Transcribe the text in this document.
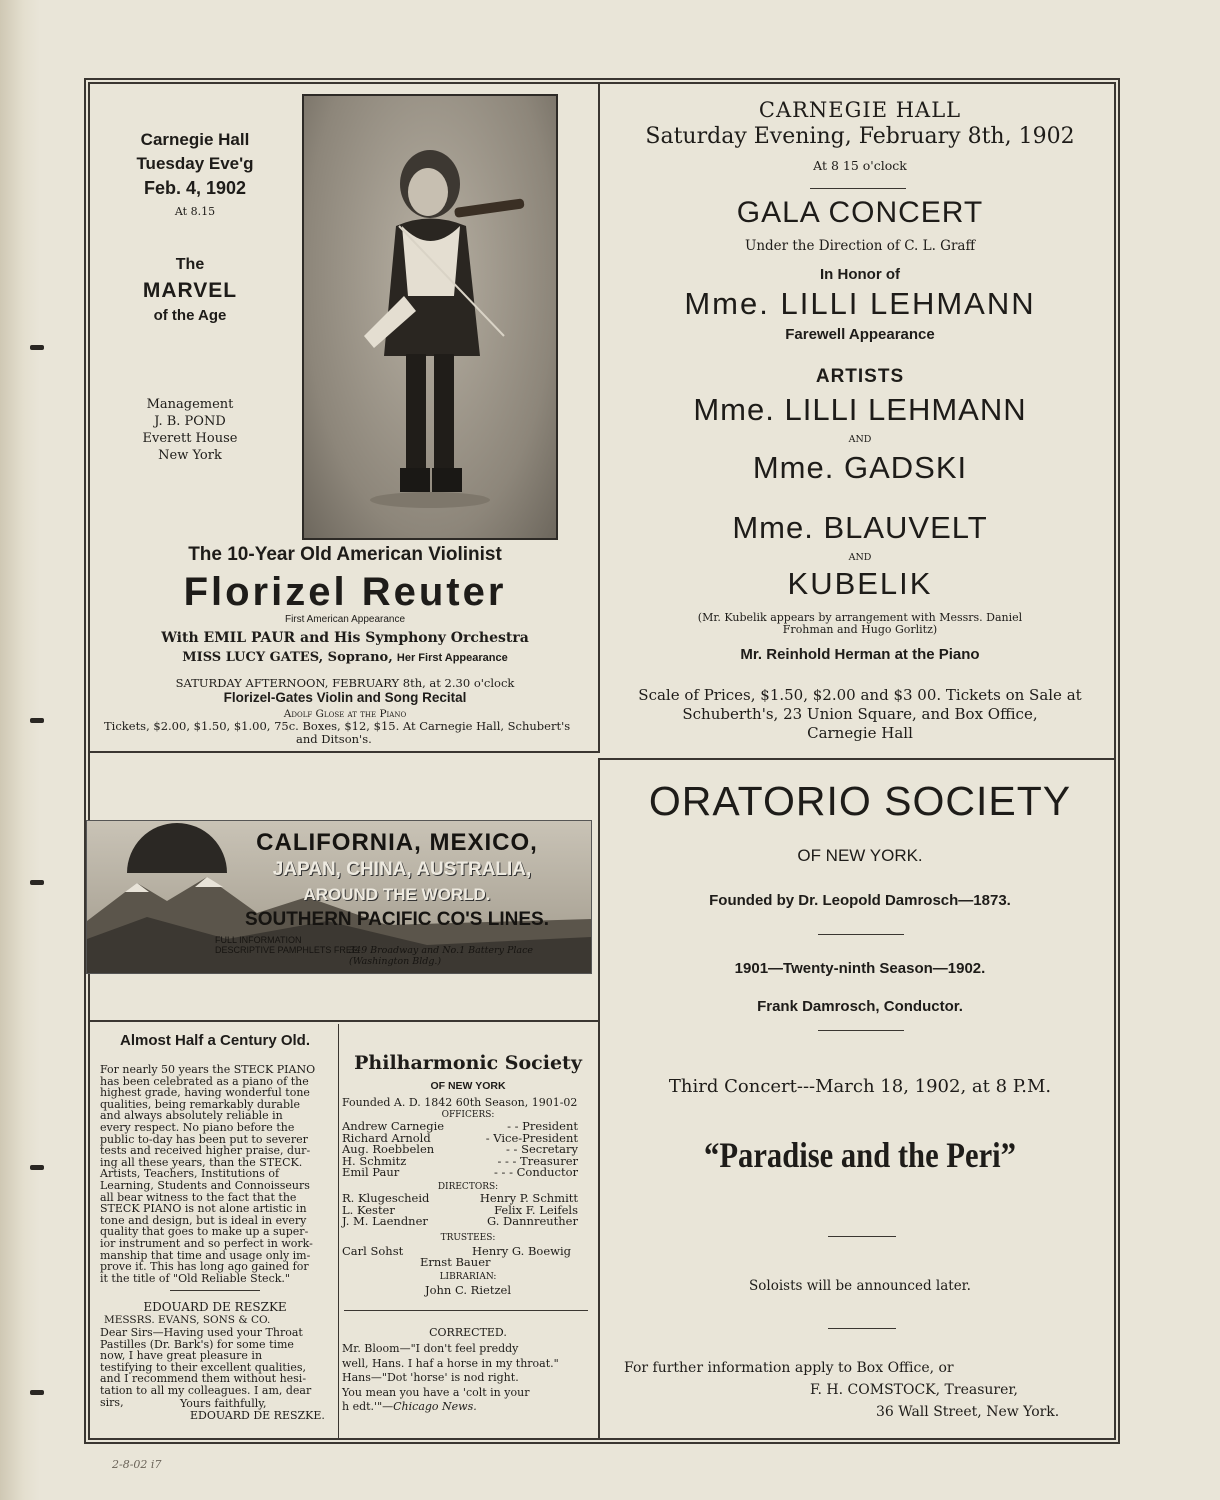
2-8-02 i7
Carnegie Hall
Tuesday Eve'g
Feb. 4, 1902
At 8.15
The
MARVEL
of the Age
Management
J. B. POND
Everett House
New York
The 10-Year Old American Violinist
Florizel Reuter
First American Appearance
With EMIL PAUR and His Symphony Orchestra
MISS LUCY GATES, Soprano, Her First Appearance
SATURDAY AFTERNOON, FEBRUARY 8th, at 2.30 o'clock
Florizel-Gates Violin and Song Recital
Adolf Glose at the Piano
Tickets, $2.00, $1.50, $1.00, 75c. Boxes, $12, $15. At Carnegie Hall, Schubert's
and Ditson's.
CARNEGIE HALL
Saturday Evening, February 8th, 1902
At 8 15 o'clock
GALA CONCERT
Under the Direction of C. L. Graff
In Honor of
Mme. LILLI LEHMANN
Farewell Appearance
ARTISTS
Mme. LILLI LEHMANN
AND
Mme. GADSKI
Mme. BLAUVELT
AND
KUBELIK
(Mr. Kubelik appears by arrangement with Messrs. Daniel
Frohman and Hugo Gorlitz)
Mr. Reinhold Herman at the Piano
Scale of Prices, $1.50, $2.00 and $3 00. Tickets on Sale at
Schuberth's, 23 Union Square, and Box Office,
Carnegie Hall
CALIFORNIA, MEXICO,
JAPAN, CHINA, AUSTRALIA,
AROUND THE WORLD.
SOUTHERN PACIFIC CO'S LINES.
FULL INFORMATION
DESCRIPTIVE PAMPHLETS FREE.
349 Broadway and No.1 Battery Place (Washington Bldg.)
Almost Half a Century Old.
For nearly 50 years the STECK PIANO
has been celebrated as a piano of the
highest grade, having wonderful tone
qualities, being remarkably durable
and always absolutely reliable in
every respect. No piano before the
public to-day has been put to severer
tests and received higher praise, dur-
ing all these years, than the STECK.
Artists, Teachers, Institutions of
Learning, Students and Connoisseurs
all bear witness to the fact that the
STECK PIANO is not alone artistic in
tone and design, but is ideal in every
quality that goes to make up a super-
ior instrument and so perfect in work-
manship that time and usage only im-
prove it. This has long ago gained for
it the title of "Old Reliable Steck."
EDOUARD DE RESZKE
MESSRS. EVANS, SONS & CO.
Dear Sirs—Having used your Throat
Pastilles (Dr. Bark's) for some time
now, I have great pleasure in
testifying to their excellent qualities,
and I recommend them without hesi-
tation to all my colleagues. I am, dear
sirs,	Yours faithfully,
EDOUARD DE RESZKE.
Philharmonic Society
OF NEW YORK
Founded A. D. 1842 60th Season, 1901-02
OFFICERS:
Andrew Carnegie	- - President
Richard Arnold	- Vice-President
Aug. Roebbelen	- - Secretary
H. Schmitz	- - - Treasurer
Emil Paur	- - - Conductor
DIRECTORS:
R. Klugescheid	Henry P. Schmitt
L. Kester	Felix F. Leifels
J. M. Laendner	G. Dannreuther
TRUSTEES:
Carl Sohst	Henry G. Boewig
Ernst Bauer
LIBRARIAN:
John C. Rietzel
CORRECTED.
Mr. Bloom—"I don't feel preddy
well, Hans. I haf a horse in my throat."
Hans—"Dot 'horse' is nod right.
You mean you have a 'colt in your
h edt.'"—Chicago News.
ORATORIO SOCIETY
OF NEW YORK.
Founded by Dr. Leopold Damrosch—1873.
1901—Twenty-ninth Season—1902.
Frank Damrosch, Conductor.
Third Concert---March 18, 1902, at 8 P.M.
“Paradise and the Peri”
Soloists will be announced later.
For further information apply to Box Office, or
F. H. COMSTOCK, Treasurer,
36 Wall Street, New York.
